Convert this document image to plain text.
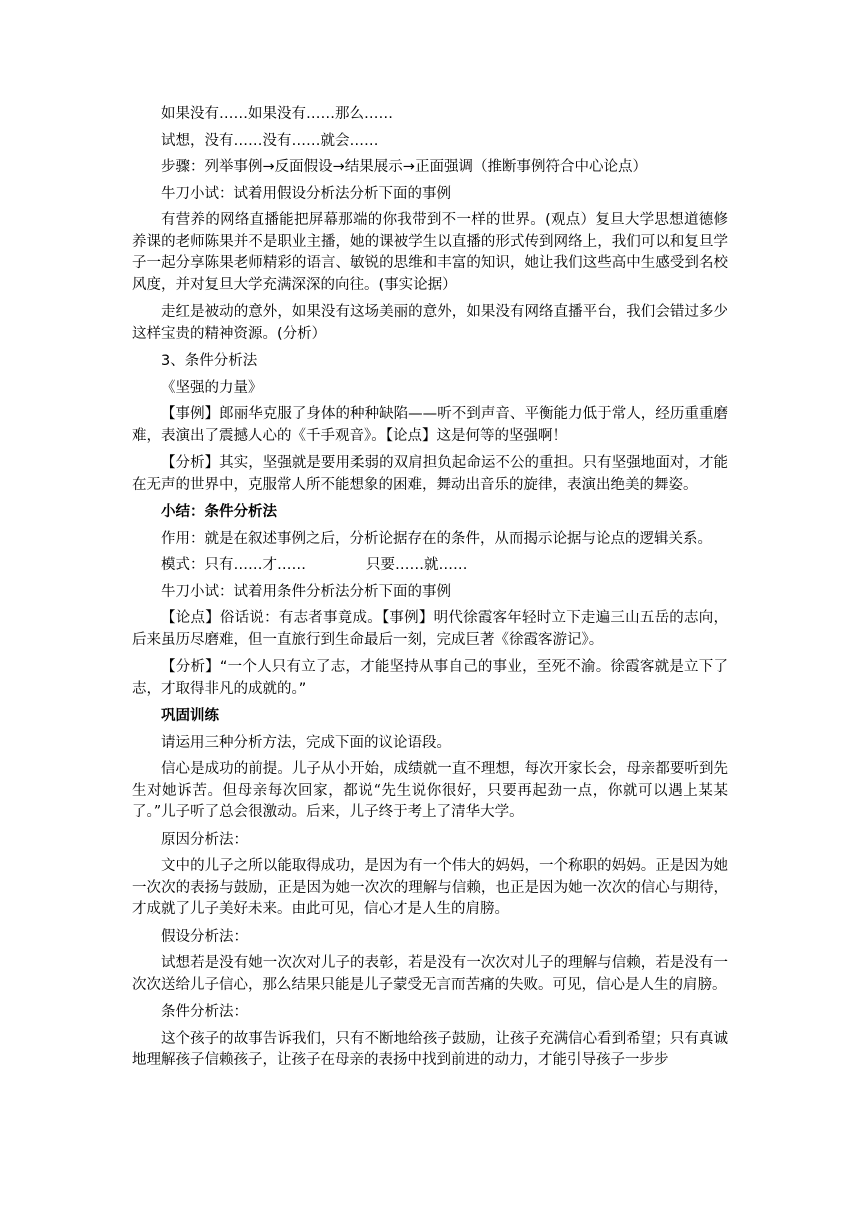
如果没有……如果没有……那么……
试想，没有……没有……就会……
步骤：列举事例→反面假设→结果展示→正面强调（推断事例符合中心论点）
牛刀小试：试着用假设分析法分析下面的事例
有营养的网络直播能把屏幕那端的你我带到不一样的世界。(观点）复旦大学思想道德修养课的老师陈果并不是职业主播，她的课被学生以直播的形式传到网络上，我们可以和复旦学子一起分享陈果老师精彩的语言、敏锐的思维和丰富的知识，她让我们这些高中生感受到名校风度，并对复旦大学充满深深的向往。(事实论据）
走红是被动的意外，如果没有这场美丽的意外，如果没有网络直播平台，我们会错过多少这样宝贵的精神资源。(分析）
3、条件分析法
《坚强的力量》
【事例】郎丽华克服了身体的种种缺陷——听不到声音、平衡能力低于常人，经历重重磨难，表演出了震撼人心的《千手观音》。【论点】这是何等的坚强啊！
【分析】其实，坚强就是要用柔弱的双肩担负起命运不公的重担。只有坚强地面对，才能在无声的世界中，克服常人所不能想象的困难，舞动出音乐的旋律，表演出绝美的舞姿。
小结：条件分析法
作用：就是在叙述事例之后，分析论据存在的条件，从而揭示论据与论点的逻辑关系。
模式：只有……才……	只要……就……
牛刀小试：试着用条件分析法分析下面的事例
【论点】俗话说：有志者事竟成。【事例】明代徐霞客年轻时立下走遍三山五岳的志向，后来虽历尽磨难，但一直旅行到生命最后一刻，完成巨著《徐霞客游记》。
【分析】“一个人只有立了志，才能坚持从事自己的事业，至死不渝。徐霞客就是立下了志，才取得非凡的成就的。”
巩固训练
请运用三种分析方法，完成下面的议论语段。
信心是成功的前提。儿子从小开始，成绩就一直不理想，每次开家长会，母亲都要听到先生对她诉苦。但母亲每次回家，都说“先生说你很好，只要再起劲一点，你就可以遇上某某了。”儿子听了总会很激动。后来，儿子终于考上了清华大学。
原因分析法：
文中的儿子之所以能取得成功，是因为有一个伟大的妈妈，一个称职的妈妈。正是因为她一次次的表扬与鼓励，正是因为她一次次的理解与信赖，也正是因为她一次次的信心与期待，才成就了儿子美好未来。由此可见，信心才是人生的肩膀。
假设分析法：
试想若是没有她一次次对儿子的表彰，若是没有一次次对儿子的理解与信赖，若是没有一次次送给儿子信心，那么结果只能是儿子蒙受无言而苦痛的失败。可见，信心是人生的肩膀。
条件分析法：
这个孩子的故事告诉我们，只有不断地给孩子鼓励，让孩子充满信心看到希望；只有真诚地理解孩子信赖孩子，让孩子在母亲的表扬中找到前进的动力，才能引导孩子一步步
